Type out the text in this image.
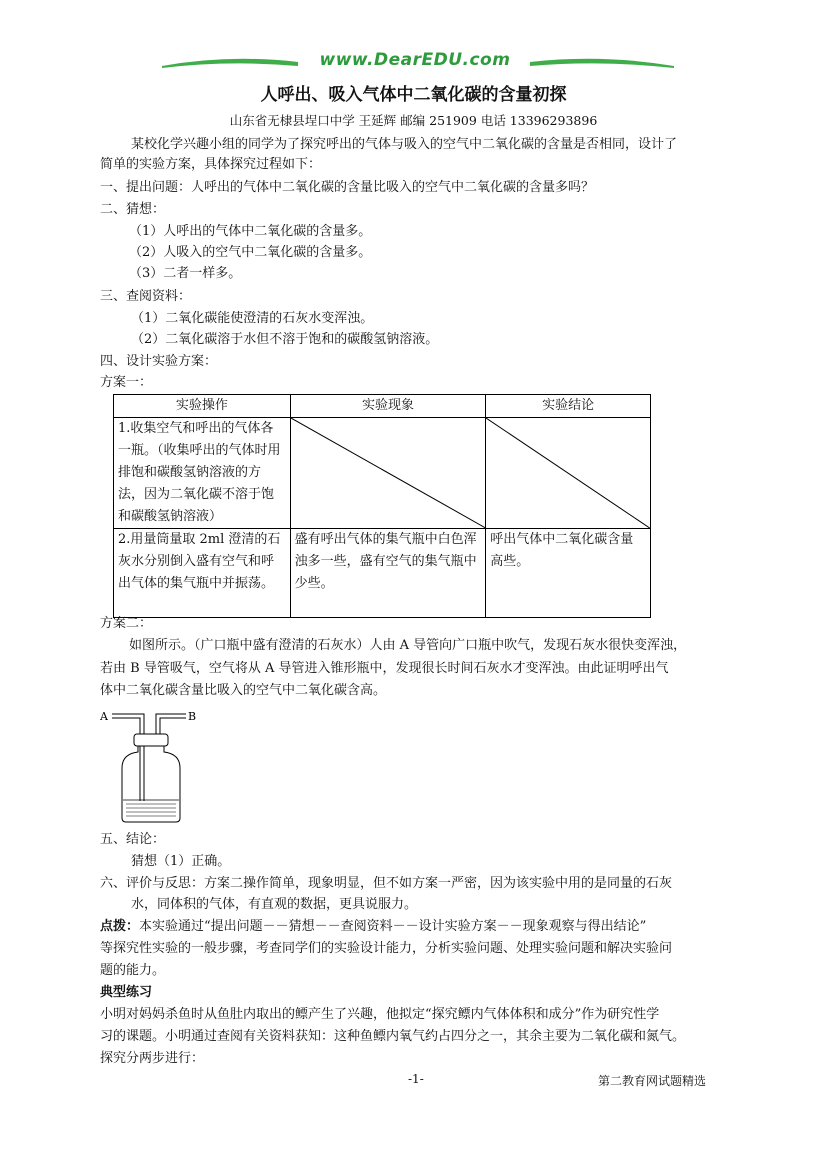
www.DearEDU.com
人呼出、吸入气体中二氧化碳的含量初探
山东省无棣县埕口中学 王延辉 邮编 251909 电话 13396293896
某校化学兴趣小组的同学为了探究呼出的气体与吸入的空气中二氧化碳的含量是否相同，设计了
简单的实验方案，具体探究过程如下：
一、提出问题：人呼出的气体中二氧化碳的含量比吸入的空气中二氧化碳的含量多吗？
二、猜想：
（1）人呼出的气体中二氧化碳的含量多。
（2）人吸入的空气中二氧化碳的含量多。
（3）二者一样多。
三、查阅资料：
（1）二氧化碳能使澄清的石灰水变浑浊。
（2）二氧化碳溶于水但不溶于饱和的碳酸氢钠溶液。
四、设计实验方案：
方案一：
实验操作	实验现象	实验结论
1.收集空气和呼出的气体各一瓶。（收集呼出的气体时用排饱和碳酸氢钠溶液的方法，因为二氧化碳不溶于饱和碳酸氢钠溶液）	

2.用量筒量取 2ml 澄清的石灰水分别倒入盛有空气和呼出气体的集气瓶中并振荡。	盛有呼出气体的集气瓶中白色浑浊多一些，盛有空气的集气瓶中少些。	呼出气体中二氧化碳含量高些。
方案二：
如图所示。（广口瓶中盛有澄清的石灰水）人由 A 导管向广口瓶中吹气，发现石灰水很快变浑浊，
若由 B 导管吸气，空气将从 A 导管进入锥形瓶中，发现很长时间石灰水才变浑浊。由此证明呼出气
体中二氧化碳含量比吸入的空气中二氧化碳含高。
A	B
五、结论：
猜想（1）正确。
六、评价与反思：方案二操作简单，现象明显，但不如方案一严密，因为该实验中用的是同量的石灰
水，同体积的气体，有直观的数据，更具说服力。
点拨：本实验通过“提出问题－－猜想－－查阅资料－－设计实验方案－－现象观察与得出结论”
等探究性实验的一般步骤，考查同学们的实验设计能力，分析实验问题、处理实验问题和解决实验问
题的能力。
典型练习
小明对妈妈杀鱼时从鱼肚内取出的鳔产生了兴趣，他拟定“探究鳔内气体体积和成分”作为研究性学
习的课题。小明通过查阅有关资料获知：这种鱼鳔内氧气约占四分之一，其余主要为二氧化碳和氮气。
探究分两步进行：
-1-	第二教育网试题精选
